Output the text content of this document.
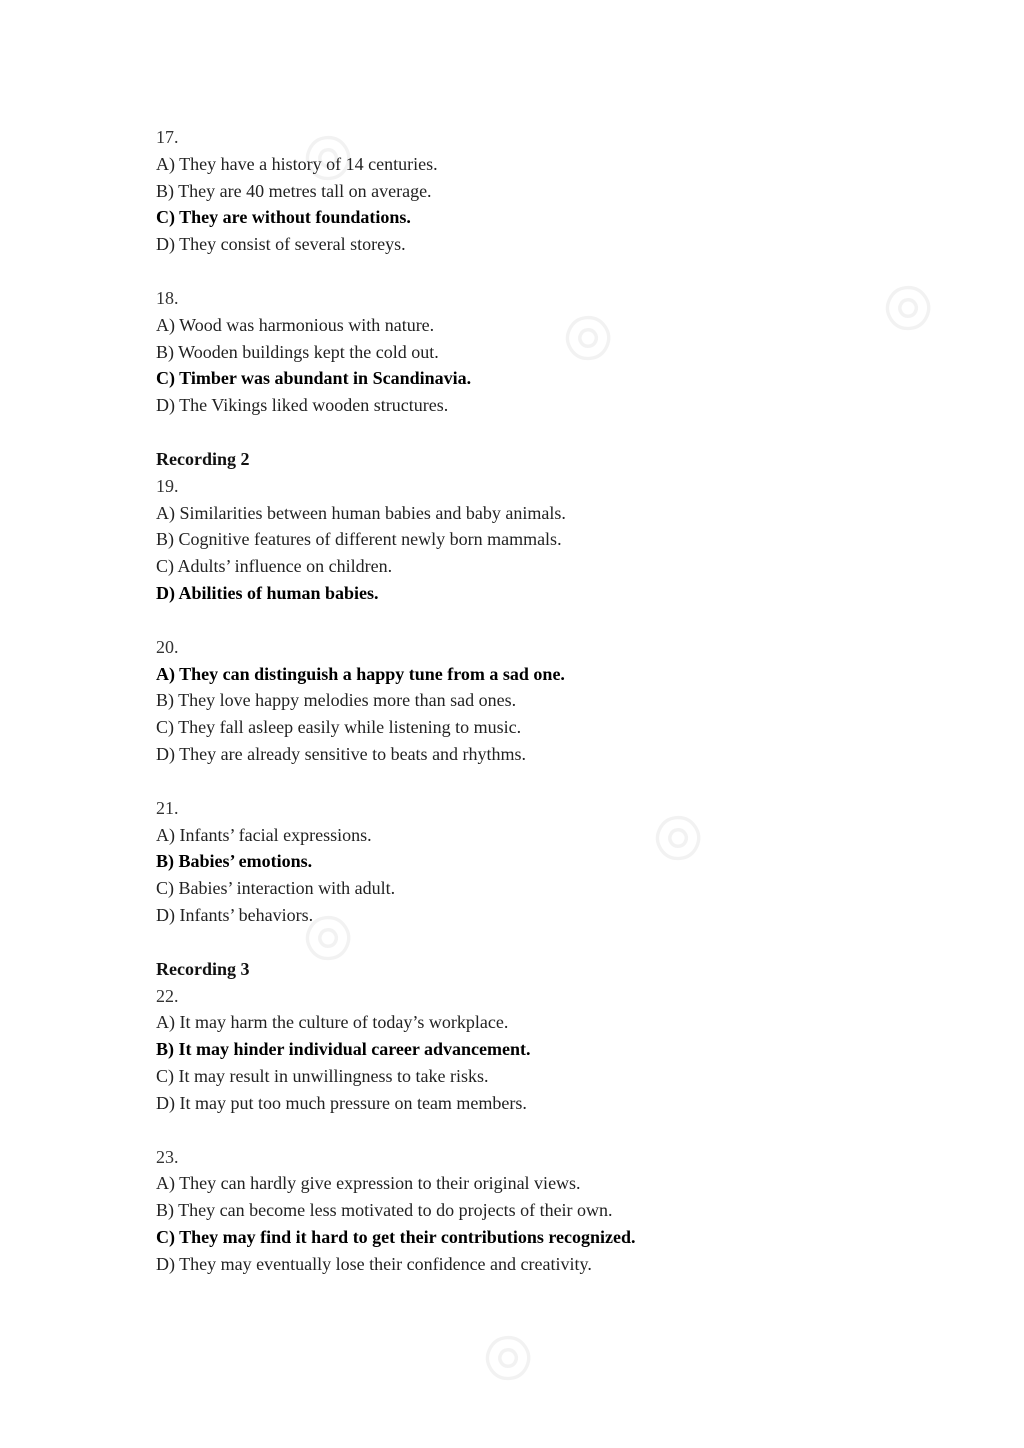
◎
◎	◎
◎
◎
◎
17.
A) They have a history of 14 centuries.
B) They are 40 metres tall on average.
C) They are without foundations.
D) They consist of several storeys.
18.
A) Wood was harmonious with nature.
B) Wooden buildings kept the cold out.
C) Timber was abundant in Scandinavia.
D) The Vikings liked wooden structures.
Recording 2
19.
A) Similarities between human babies and baby animals.
B) Cognitive features of different newly born mammals.
C) Adults’ influence on children.
D) Abilities of human babies.
20.
A) They can distinguish a happy tune from a sad one.
B) They love happy melodies more than sad ones.
C) They fall asleep easily while listening to music.
D) They are already sensitive to beats and rhythms.
21.
A) Infants’ facial expressions.
B) Babies’ emotions.
C) Babies’ interaction with adult.
D) Infants’ behaviors.
Recording 3
22.
A) It may harm the culture of today’s workplace.
B) It may hinder individual career advancement.
C) It may result in unwillingness to take risks.
D) It may put too much pressure on team members.
23.
A) They can hardly give expression to their original views.
B) They can become less motivated to do projects of their own.
C) They may find it hard to get their contributions recognized.
D) They may eventually lose their confidence and creativity.
